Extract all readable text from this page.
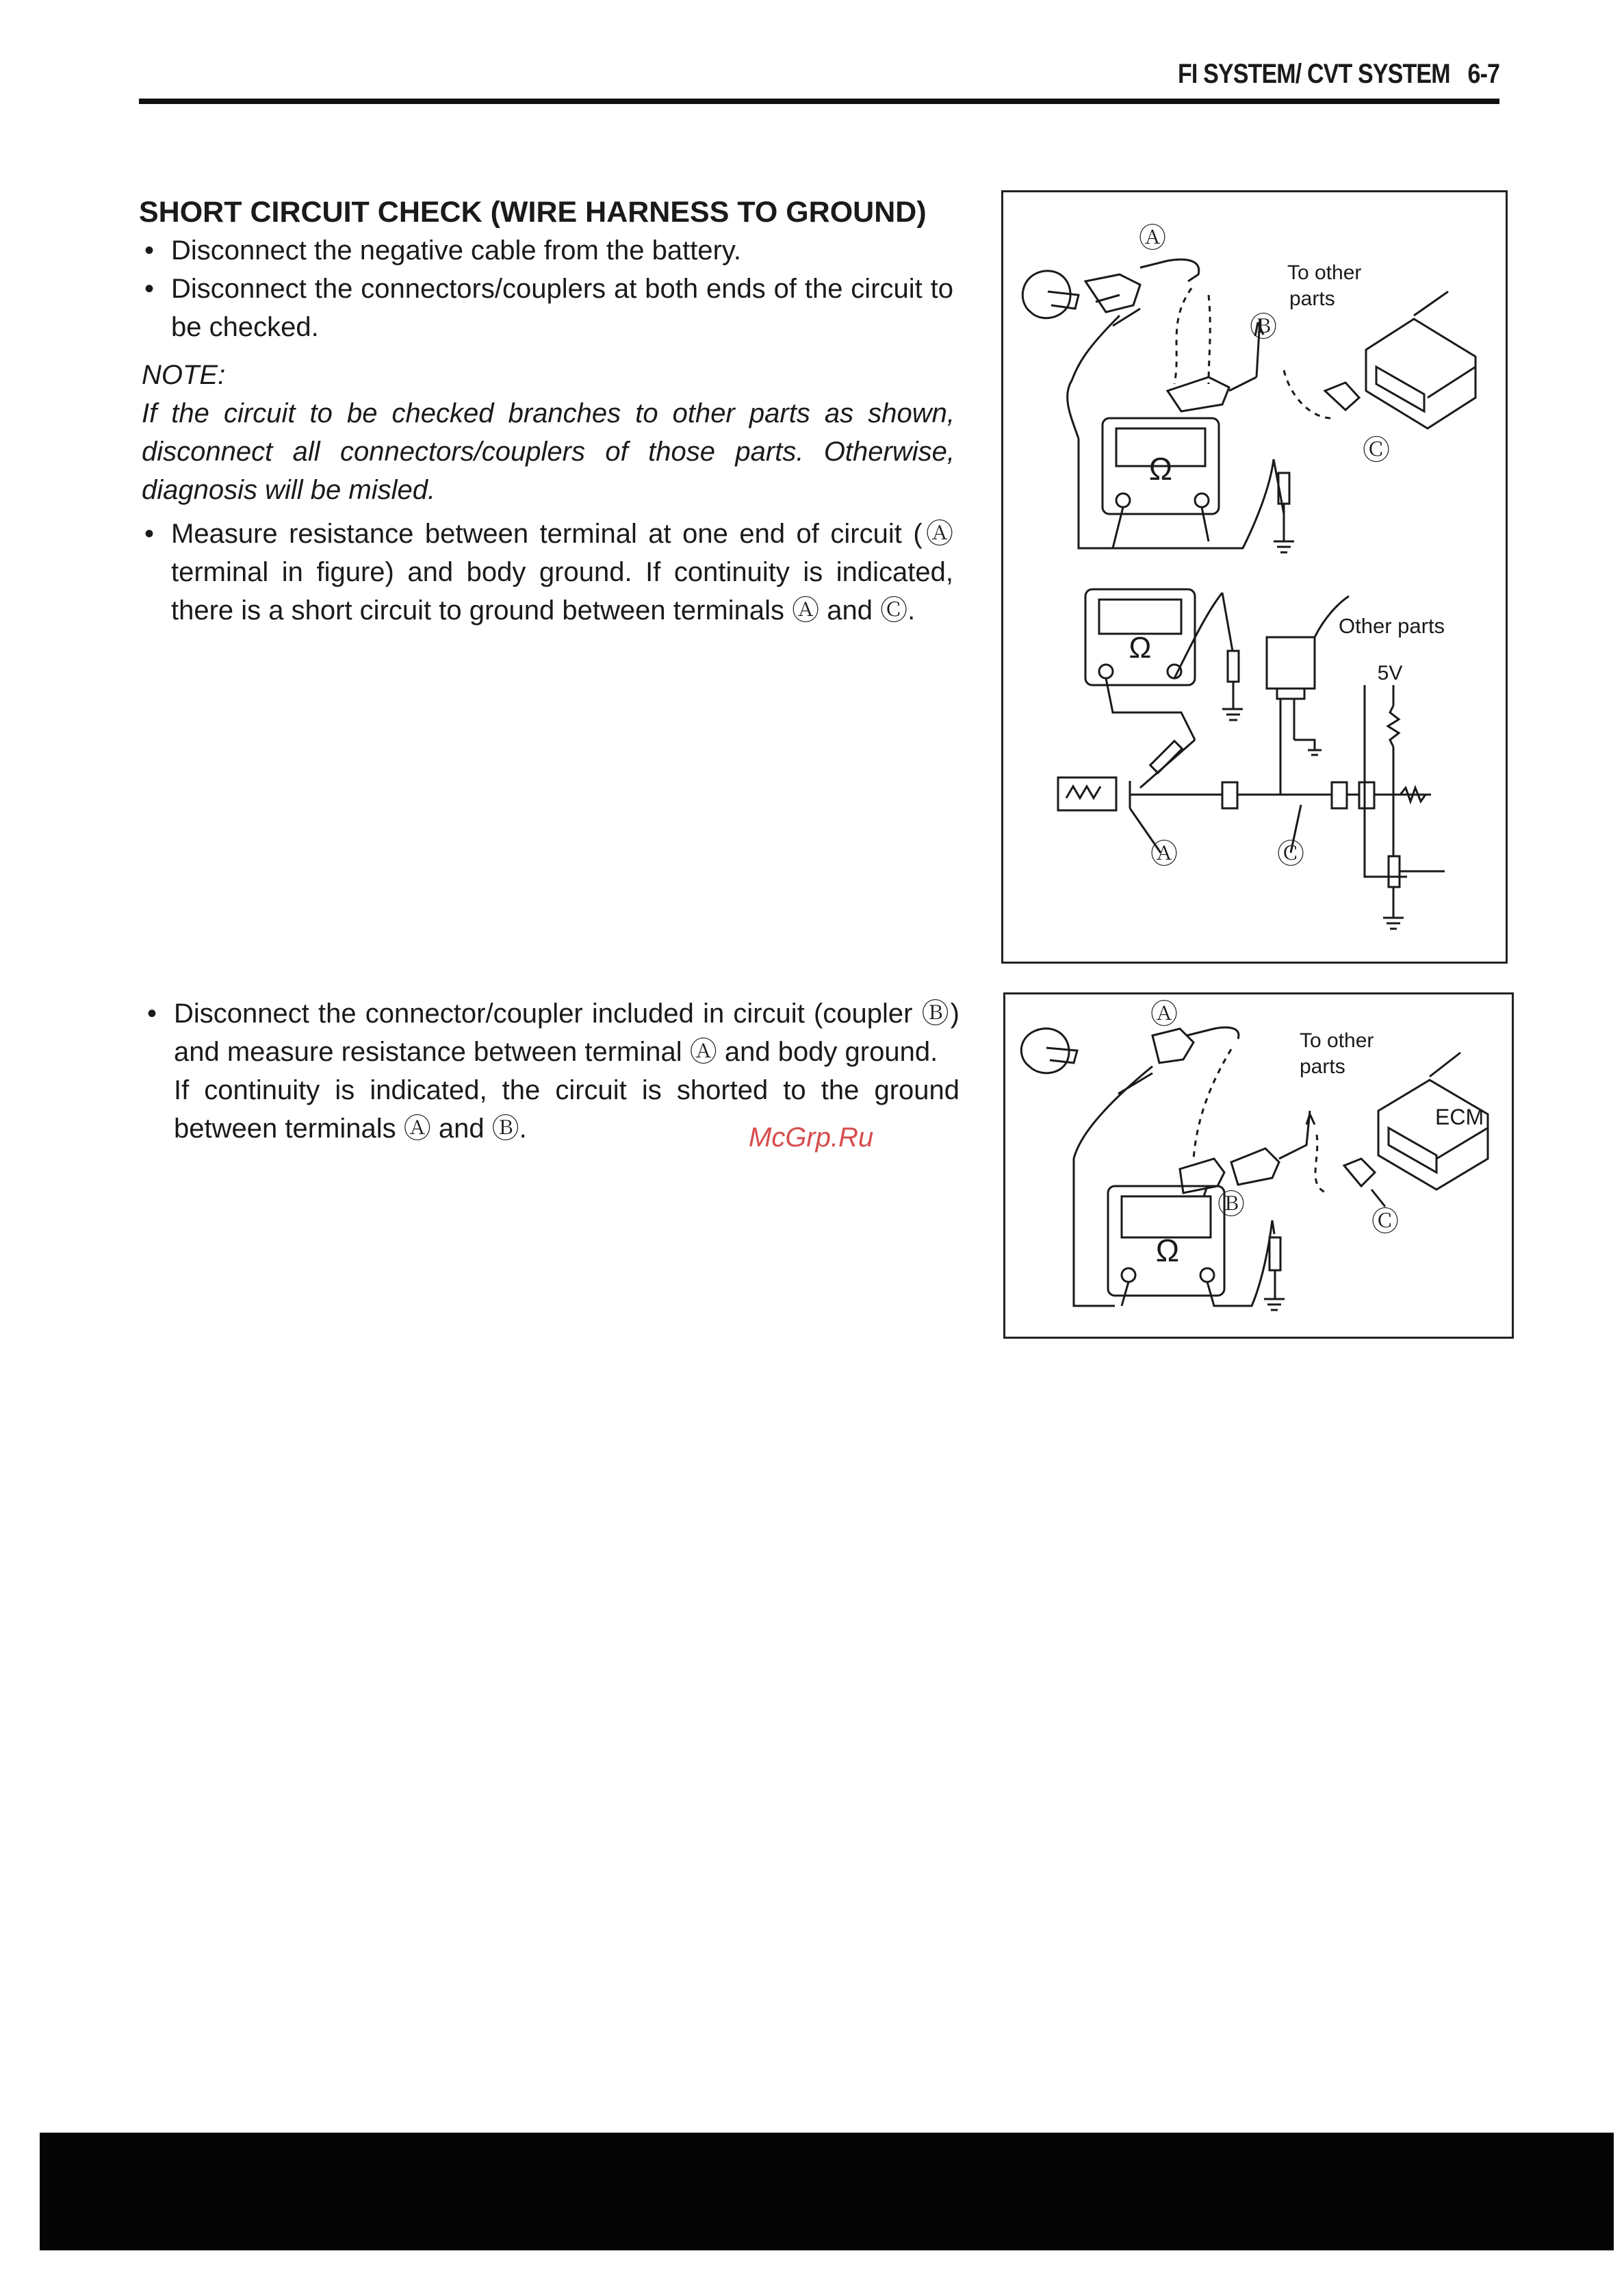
FI SYSTEM/ CVT SYSTEM 6-7
SHORT CIRCUIT CHECK (WIRE HARNESS TO GROUND)
• Disconnect the negative cable from the battery.
• Disconnect the connectors/couplers at both ends of the circuit to be checked.

NOTE:

If the circuit to be checked branches to other parts as shown, disconnect all connectors/couplers of those parts. Otherwise, diagnosis will be misled.

• Measure resistance between terminal at one end of circuit (Ⓐ terminal in figure) and body ground. If continuity is indicated, there is a short circuit to ground between terminals Ⓐ and Ⓒ.
• Disconnect the connector/coupler included in circuit (coupler Ⓑ) and measure resistance between terminal Ⓐ and body ground.
If continuity is indicated, the circuit is shorted to the ground between terminals Ⓐ and Ⓑ.
Ⓐ
Ⓑ
Ⓒ
To other
parts
Ω
Ω
Other parts
5V
Ⓐ	Ⓒ
Ⓐ
Ⓑ
Ⓒ
To other
parts
ECM
Ω
McGrp.Ru
